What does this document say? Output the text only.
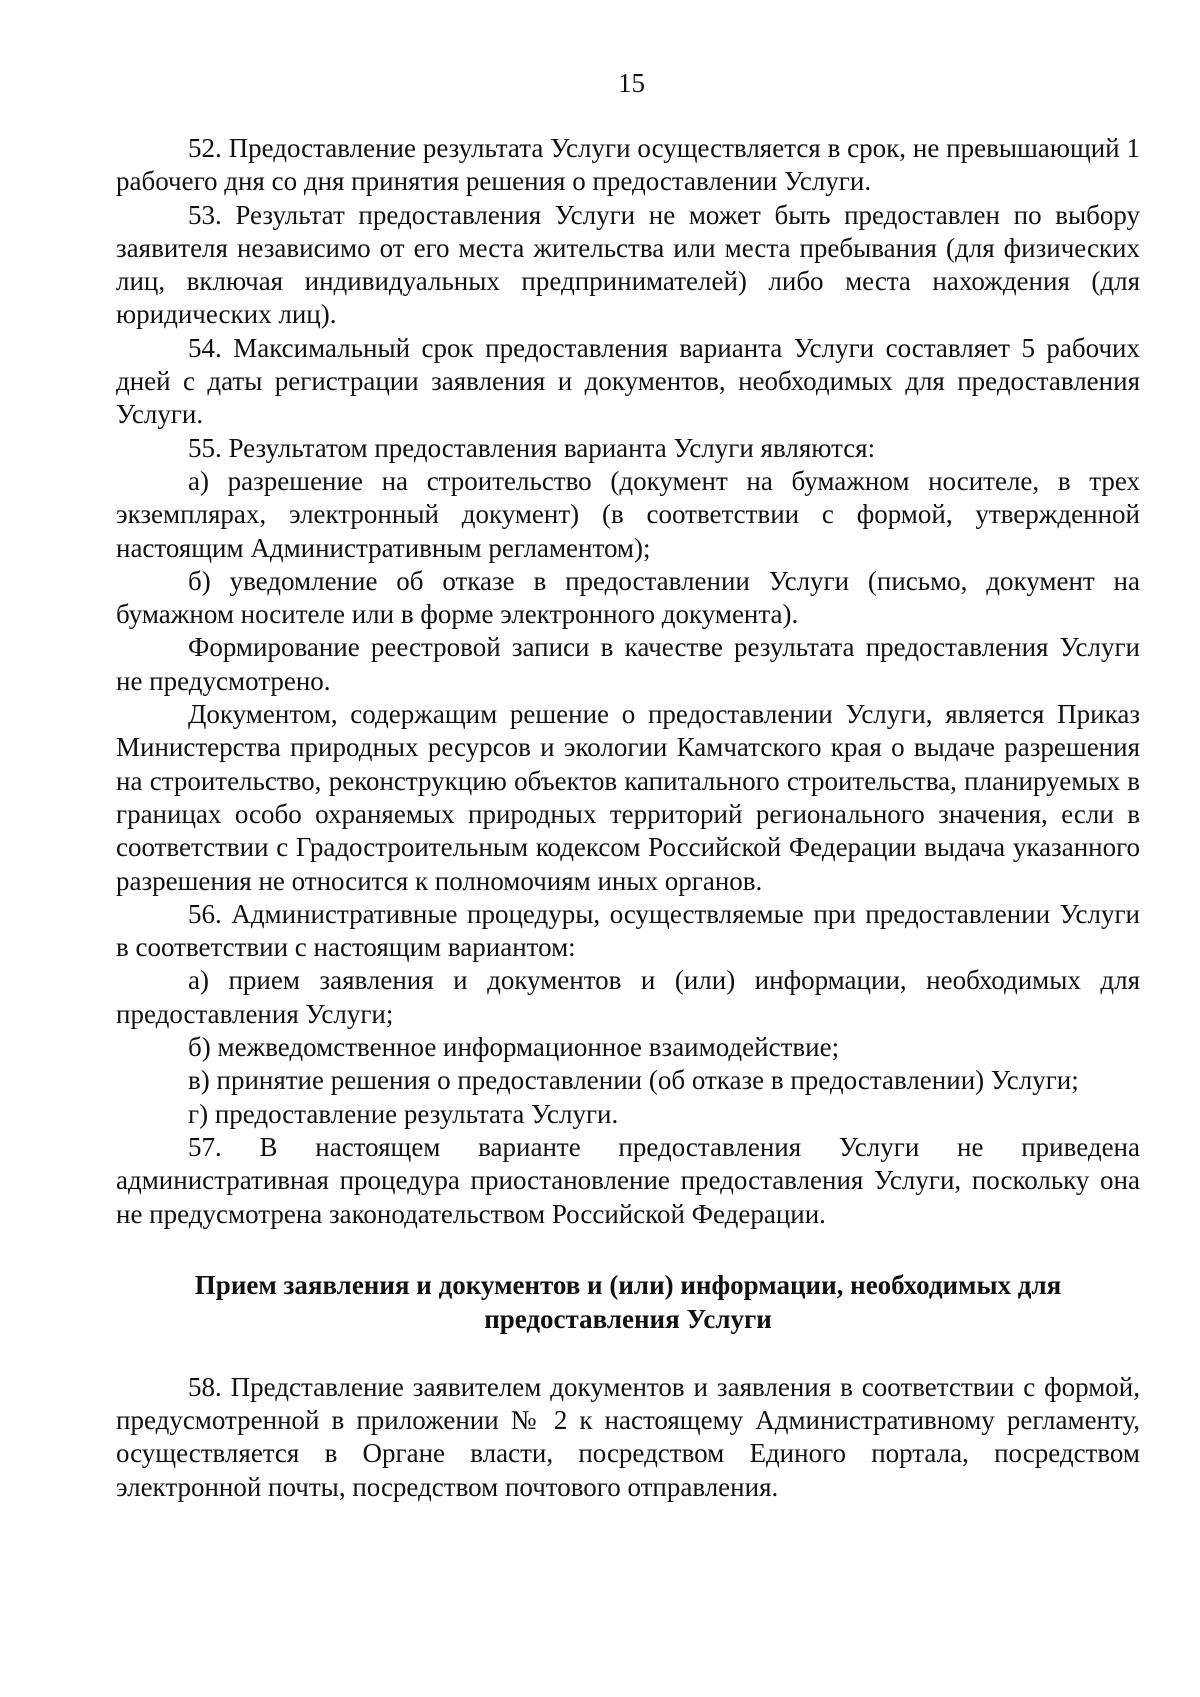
15

52. Предоставление результата Услуги осуществляется в срок, не превышающий 1 рабочего дня со дня принятия решения о предоставлении Услуги.

53. Результат предоставления Услуги не может быть предоставлен по выбору заявителя независимо от его места жительства или места пребывания (для физических лиц, включая индивидуальных предпринимателей) либо места нахождения (для юридических лиц).

54. Максимальный срок предоставления варианта Услуги составляет 5 рабочих дней с даты регистрации заявления и документов, необходимых для предоставления Услуги.

55. Результатом предоставления варианта Услуги являются:

а) разрешение на строительство (документ на бумажном носителе, в трех экземплярах, электронный документ) (в соответствии с формой, утвержденной настоящим Административным регламентом);

б) уведомление об отказе в предоставлении Услуги (письмо, документ на бумажном носителе или в форме электронного документа).

Формирование реестровой записи в качестве результата предоставления Услуги не предусмотрено.

Документом, содержащим решение о предоставлении Услуги, является Приказ Министерства природных ресурсов и экологии Камчатского края о выдаче разрешения на строительство, реконструкцию объектов капитального строительства, планируемых в границах особо охраняемых природных территорий регионального значения, если в соответствии с Градостроительным кодексом Российской Федерации выдача указанного разрешения не относится к полномочиям иных органов.

56. Административные процедуры, осуществляемые при предоставлении Услуги в соответствии с настоящим вариантом:

а) прием заявления и документов и (или) информации, необходимых для предоставления Услуги;

б) межведомственное информационное взаимодействие;

в) принятие решения о предоставлении (об отказе в предоставлении) Услуги;

г) предоставление результата Услуги.

57. В настоящем варианте предоставления Услуги не приведена административная процедура приостановление предоставления Услуги, поскольку она не предусмотрена законодательством Российской Федерации.

Прием заявления и документов и (или) информации, необходимых для
предоставления Услуги

58. Представление заявителем документов и заявления в соответствии с формой, предусмотренной в приложении № 2 к настоящему Административному регламенту, осуществляется в Органе власти, посредством Единого портала, посредством электронной почты, посредством почтового отправления.
